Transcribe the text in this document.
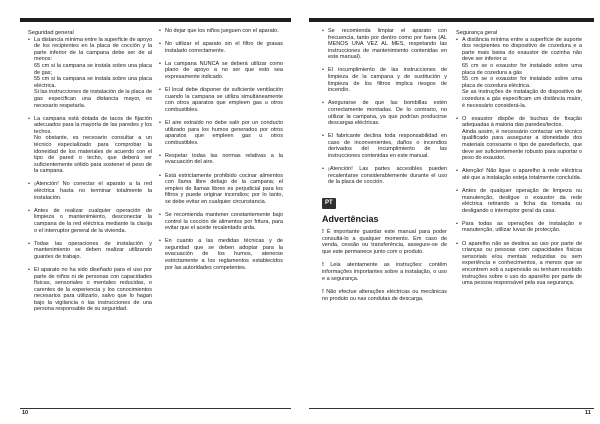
Seguridad general

• La distancia mínima entre la superficie de apoyo de los recipientes en la placa de cocción y la parte inferior de la campana debe ser de al menos:

65 cm si la campana se instala sobre una placa de gas;

55 cm si la campana se instala sobre una placa eléctrica.

Si las instrucciones de instalación de la placa de gas especifican una distancia mayor, es necesario respetarla.

• La campana está dotada de tacos de fijación adecuados para la mayoría de las paredes y los techos.

No obstante, es necesario consultar a un técnico especializado para comprobar la idoneidad de los materiales de acuerdo con el tipo de pared o techo, que deberá ser suficientemente sólido para sostener el peso de la campana.

• ¡Atención! No conectar el aparato a la red eléctrica hasta no terminar totalmente la instalación.

• Antes de realizar cualquier operación de limpieza o mantenimiento, desconectar la campana de la red eléctrica mediante la clavija o el interruptor general de la vivienda.

• Todas las operaciones de instalación y mantenimiento se deben realizar utilizando guantes de trabajo.

• El aparato no ha sido diseñado para el uso por parte de niños ni de personas con capacidades físicas, sensoriales o mentales reducidas, o carentes de la experiencia y los conocimientos necesarios para utilizarlo, salvo que lo hagan bajo la vigilancia o las instrucciones de una persona responsable de su seguridad.

• No dejar que los niños jueguen con el aparato.
• No utilizar el aparato sin el filtro de grasas instalado correctamente.
• La campana NUNCA se deberá utilizar como plano de apoyo a no ser que esto sea expresamente indicado.
• El local debe disponer de suficiente ventilación cuando la campana se utiliza simultáneamente con otros aparatos que empleen gas u otros combustibles.
• El aire extraído no debe salir por un conducto utilizado para los humos generados por otros aparatos que empleen gas u otros combustibles.
• Respetar todas las normas relativas a la evacuación del aire.
• Está estrictamente prohibido cocinar alimentos con llama libre debajo de la campana; el empleo de llamas libres es perjudicial para los filtros y puede originar incendios; por lo tanto, se debe evitar en cualquier circunstancia.
• Se recomienda mantener constantemente bajo control la cocción de alimentos por fritura, para evitar que el aceite recalentado arda.
• En cuanto a las medidas técnicas y de seguridad que se deben adoptar para la evacuación de los humos, atenerse estrictamente a los reglamentos establecidos por las autoridades competentes.
• Se recomienda limpiar el aparato con frecuencia, tanto por dentro como por fuera (AL MENOS UNA VEZ AL MES, respetando las instrucciones de mantenimiento contenidas en este manual).
• El incumplimiento de las instrucciones de limpieza de la campana y de sustitución y limpieza de los filtros implica riesgos de incendio.
• Asegurarse de que las bombillas estén correctamente montadas. De lo contrario, no utilizar la campana, ya que podrían producirse descargas eléctricas.
• El fabricante declina toda responsabilidad en caso de inconvenientes, daños o incendios derivados del incumplimiento de las instrucciones contenidas en este manual.
• ¡Atención! Las partes accesibles pueden recalentarse considerablemente durante el uso de la placa de cocción.
PT
Advertências

! É importante guardar este manual para poder consultá-lo a qualquer momento. Em caso de venda, cessão ou transferência, assegure-se de que este permanece junto com o produto.

! Leia atentamente as instruções: contêm informações importantes sobre a instalação, o uso e a segurança.

! Não efectue alterações eléctricas ou mecânicas no produto ou nas condutas de descarga.

Segurança geral

• A distância mínima entre a superfície de suporte dos recipientes no dispositivo de cozedura e a parte mais baixa do exaustor de cozinha não deve ser inferior a:

65 cm se o exaustor for instalado sobre uma placa de cozedura a gás

55 cm se o exaustor for instalado sobre uma placa de cozedura eléctrica.

Se as instruções de instalação do dispositivo de cozedura a gás especificam um distância maior, é necessário considerá-la.

• O exaustor dispõe de buchas de fixação adequadas à maioria das paredes/tectos.

Ainda assim, é necessário contactar um técnico qualificado para assegurar a idoneidade dos materiais consoante o tipo de parede/tecto, que deve ser suficientemente robusto para suportar o peso do exaustor.

• Atenção! Não ligue o aparelho à rede eléctrica até que a instalação esteja totalmente concluída.

• Antes de qualquer operação de limpeza ou manutenção, desligue o exaustor da rede eléctrica retirando a ficha da tomada ou desligando o interruptor geral da casa.

• Para todas as operações de instalação e manutenção, utilizar luvas de protecção.

• O aparelho não se destina ao uso por parte de crianças ou pessoas com capacidades físicas sensoriais e/ou mentais reduzidas ou sem experiência e conhecimentos, a menos que se encontrem sob a supervisão ou tenham recebido instruções sobre o uso do aparelho por parte de uma pessoa responsável pela sua segurança.

10	11
